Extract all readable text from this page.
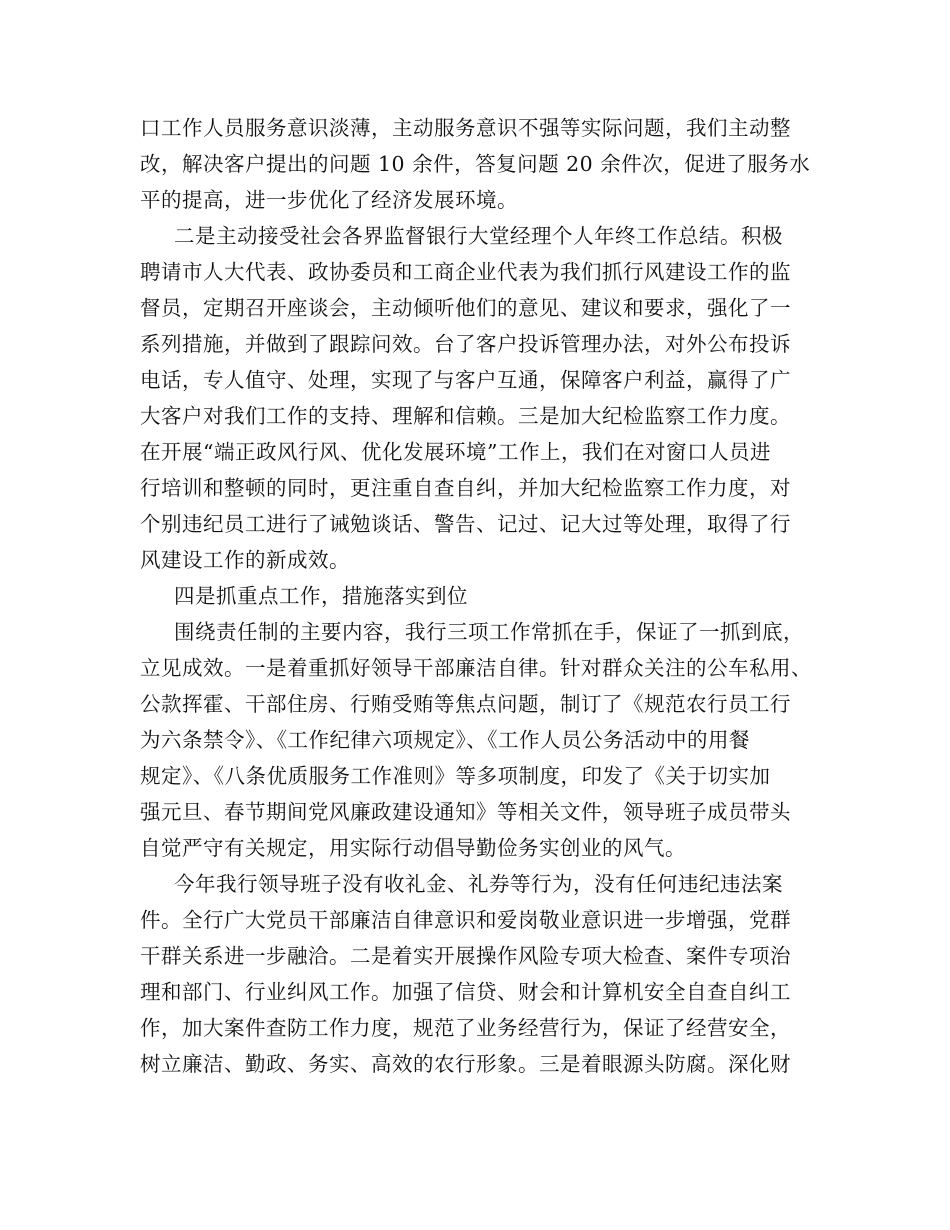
口工作人员服务意识淡薄，主动服务意识不强等实际问题，我们主动整
改，解决客户提出的问题 10 余件，答复问题 20 余件次，促进了服务水
平的提高，进一步优化了经济发展环境。
二是主动接受社会各界监督银行大堂经理个人年终工作总结。积极
聘请市人大代表、政协委员和工商企业代表为我们抓行风建设工作的监
督员，定期召开座谈会，主动倾听他们的意见、建议和要求，强化了一
系列措施，并做到了跟踪问效。台了客户投诉管理办法，对外公布投诉
电话，专人值守、处理，实现了与客户互通，保障客户利益，赢得了广
大客户对我们工作的支持、理解和信赖。三是加大纪检监察工作力度。
在开展“端正政风行风、优化发展环境”工作上，我们在对窗口人员进
行培训和整顿的同时，更注重自查自纠，并加大纪检监察工作力度，对
个别违纪员工进行了诫勉谈话、警告、记过、记大过等处理，取得了行
风建设工作的新成效。
四是抓重点工作，措施落实到位
围绕责任制的主要内容，我行三项工作常抓在手，保证了一抓到底，
立见成效。一是着重抓好领导干部廉洁自律。针对群众关注的公车私用、
公款挥霍、干部住房、行贿受贿等焦点问题，制订了《规范农行员工行
为六条禁令》、《工作纪律六项规定》、《工作人员公务活动中的用餐
规定》、《八条优质服务工作准则》等多项制度，印发了《关于切实加
强元旦、春节期间党风廉政建设通知》等相关文件，领导班子成员带头
自觉严守有关规定，用实际行动倡导勤俭务实创业的风气。
今年我行领导班子没有收礼金、礼券等行为，没有任何违纪违法案
件。全行广大党员干部廉洁自律意识和爱岗敬业意识进一步增强，党群
干群关系进一步融洽。二是着实开展操作风险专项大检查、案件专项治
理和部门、行业纠风工作。加强了信贷、财会和计算机安全自查自纠工
作，加大案件查防工作力度，规范了业务经营行为，保证了经营安全，
树立廉洁、勤政、务实、高效的农行形象。三是着眼源头防腐。深化财
